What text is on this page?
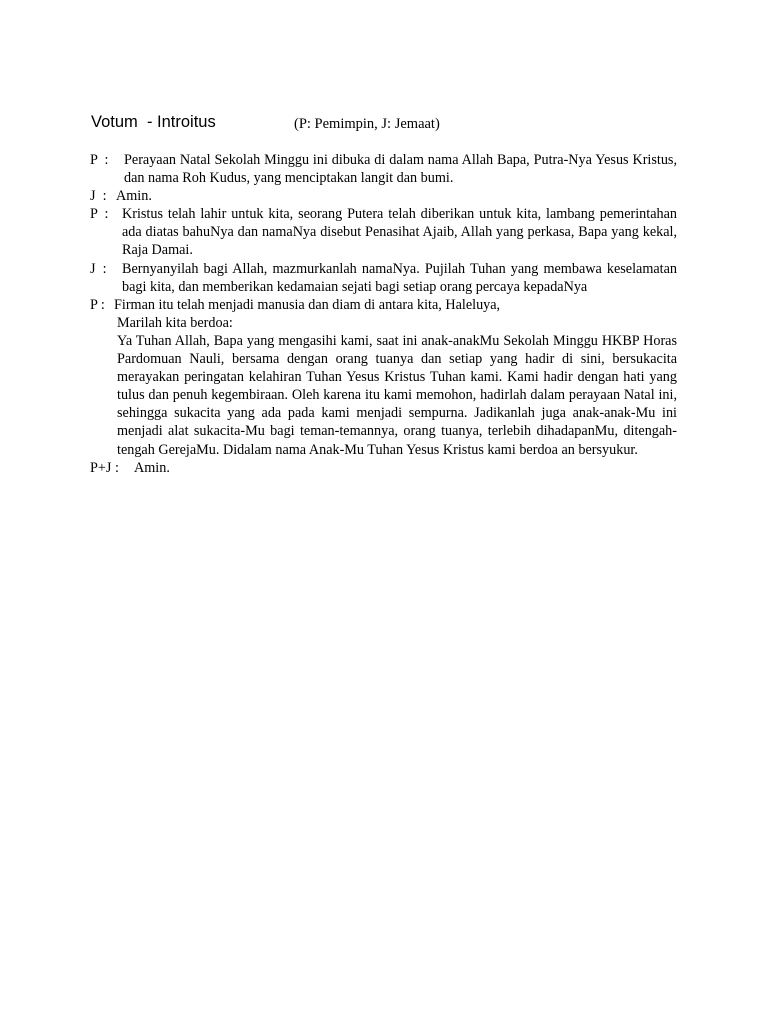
Votum  - Introitus	(P: Pemimpin, J: Jemaat)
P  :	Perayaan Natal Sekolah Minggu ini dibuka di dalam nama Allah Bapa, Putra-Nya Yesus Kristus, dan nama Roh Kudus, yang menciptakan langit dan bumi.
J  : Amin.
P  : Kristus telah lahir untuk kita, seorang Putera telah diberikan untuk kita, lambang pemerintahan ada diatas bahuNya dan namaNya disebut Penasihat Ajaib, Allah yang perkasa, Bapa yang kekal, Raja Damai.
J  :	Bernyanyilah bagi Allah, mazmurkanlah namaNya. Pujilah Tuhan yang membawa keselamatan bagi kita, dan memberikan kedamaian sejati bagi setiap orang percaya kepadaNya
P : Firman itu telah menjadi manusia dan diam di antara kita, Haleluya,
Marilah kita berdoa:
Ya Tuhan Allah, Bapa yang mengasihi kami, saat ini anak-anakMu Sekolah Minggu HKBP Horas Pardomuan Nauli, bersama dengan orang tuanya dan setiap yang hadir di sini, bersukacita merayakan peringatan kelahiran Tuhan Yesus Kristus Tuhan kami. Kami hadir dengan hati yang tulus dan penuh kegembiraan. Oleh karena itu kami memohon, hadirlah dalam perayaan Natal ini, sehingga sukacita yang ada pada kami menjadi sempurna. Jadikanlah juga anak-anak-Mu ini menjadi alat sukacita-Mu bagi teman-temannya, orang tuanya, terlebih dihadapanMu, ditengah-tengah GerejaMu. Didalam nama Anak-Mu Tuhan Yesus Kristus kami berdoa an bersyukur.
P+J :	Amin.
